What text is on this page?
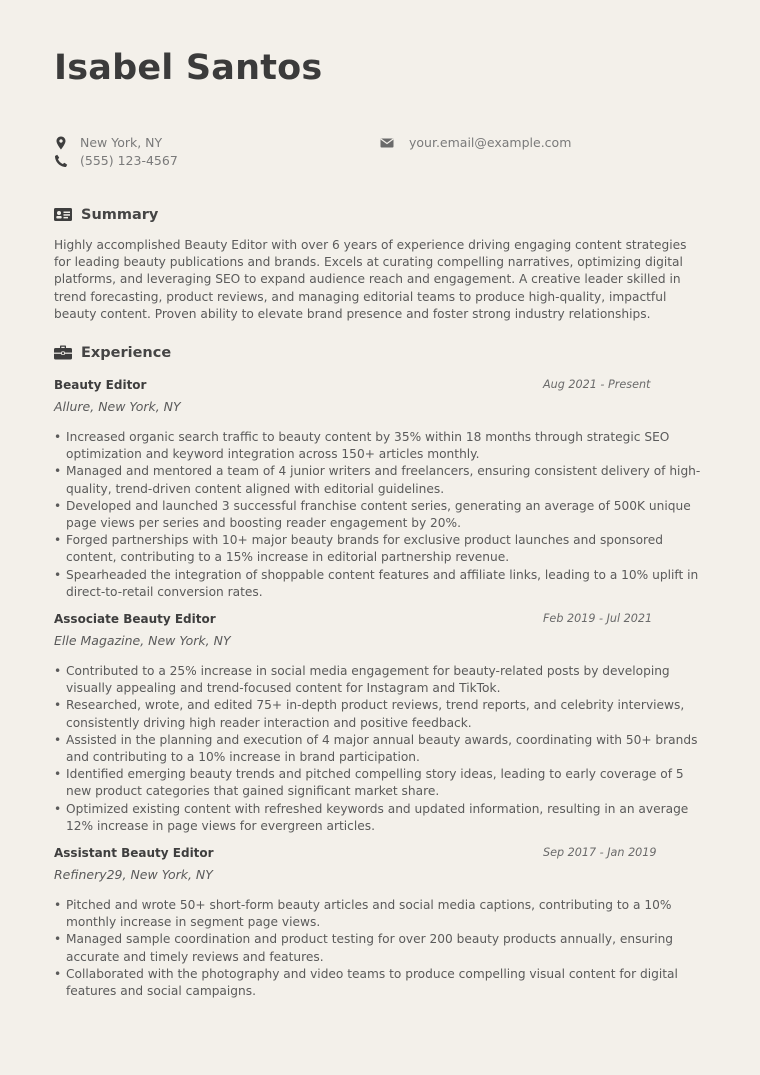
Isabel Santos
New York, NY
(555) 123-4567
your.email@example.com
Summary

Highly accomplished Beauty Editor with over 6 years of experience driving engaging content strategies for leading beauty publications and brands. Excels at curating compelling narratives, optimizing digital platforms, and leveraging SEO to expand audience reach and engagement. A creative leader skilled in trend forecasting, product reviews, and managing editorial teams to produce high-quality, impactful beauty content. Proven ability to elevate brand presence and foster strong industry relationships.

Experience
Beauty Editor	Aug 2021 - Present
Allure, New York, NY
• Increased organic search traffic to beauty content by 35% within 18 months through strategic SEO optimization and keyword integration across 150+ articles monthly.
• Managed and mentored a team of 4 junior writers and freelancers, ensuring consistent delivery of high-quality, trend-driven content aligned with editorial guidelines.
• Developed and launched 3 successful franchise content series, generating an average of 500K unique page views per series and boosting reader engagement by 20%.
• Forged partnerships with 10+ major beauty brands for exclusive product launches and sponsored content, contributing to a 15% increase in editorial partnership revenue.
• Spearheaded the integration of shoppable content features and affiliate links, leading to a 10% uplift in direct-to-retail conversion rates.
Associate Beauty Editor	Feb 2019 - Jul 2021
Elle Magazine, New York, NY
• Contributed to a 25% increase in social media engagement for beauty-related posts by developing visually appealing and trend-focused content for Instagram and TikTok.
• Researched, wrote, and edited 75+ in-depth product reviews, trend reports, and celebrity interviews, consistently driving high reader interaction and positive feedback.
• Assisted in the planning and execution of 4 major annual beauty awards, coordinating with 50+ brands and contributing to a 10% increase in brand participation.
• Identified emerging beauty trends and pitched compelling story ideas, leading to early coverage of 5 new product categories that gained significant market share.
• Optimized existing content with refreshed keywords and updated information, resulting in an average 12% increase in page views for evergreen articles.
Assistant Beauty Editor	Sep 2017 - Jan 2019
Refinery29, New York, NY
• Pitched and wrote 50+ short-form beauty articles and social media captions, contributing to a 10% monthly increase in segment page views.
• Managed sample coordination and product testing for over 200 beauty products annually, ensuring accurate and timely reviews and features.
• Collaborated with the photography and video teams to produce compelling visual content for digital features and social campaigns.
